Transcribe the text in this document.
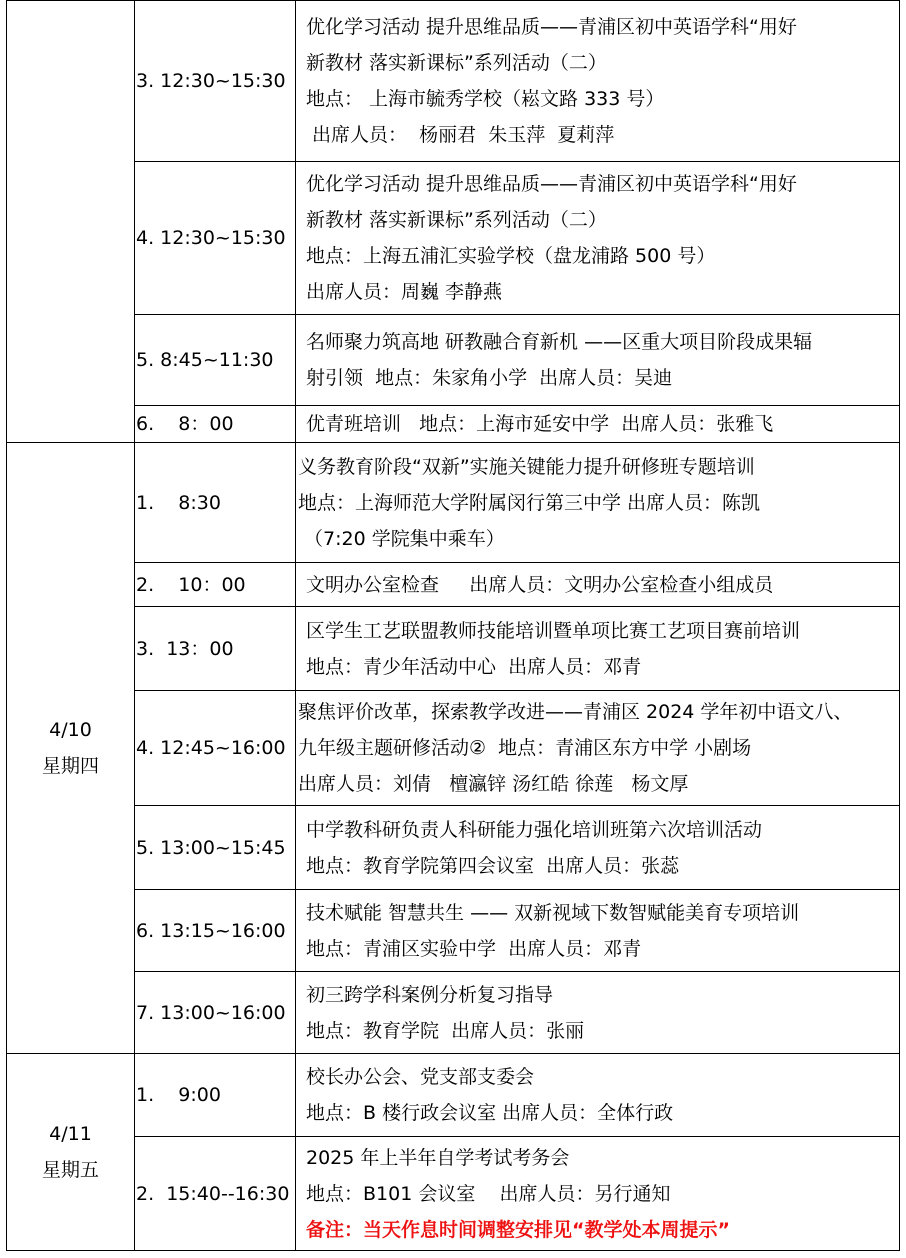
	3. 12:30~15:30	优化学习活动 提升思维品质——青浦区初中英语学科“用好
新教材 落实新课标”系列活动（二）
地点： 上海市毓秀学校（崧文路 333 号）
出席人员：  杨丽君  朱玉萍  夏莉萍

	4. 12:30~15:30	优化学习活动 提升思维品质——青浦区初中英语学科“用好
新教材 落实新课标”系列活动（二）
地点：上海五浦汇实验学校（盘龙浦路 500 号）
出席人员：周巍 李静燕

	5. 8:45~11:30	名师聚力筑高地 研教融合育新机 ——区重大项目阶段成果辐
射引领  地点：朱家角小学  出席人员：吴迪

	6.    8：00	优青班培训   地点：上海市延安中学  出席人员：张雅飞

4/10
星期四	1.    8:30	义务教育阶段“双新”实施关键能力提升研修班专题培训
地点：上海师范大学附属闵行第三中学 出席人员：陈凯
（7:20 学院集中乘车）

	2.    10：00	文明办公室检查     出席人员：文明办公室检查小组成员

	3.  13：00	区学生工艺联盟教师技能培训暨单项比赛工艺项目赛前培训
地点：青少年活动中心  出席人员：邓青

	4. 12:45~16:00	聚焦评价改革，探索教学改进——青浦区 2024 学年初中语文八、
九年级主题研修活动②  地点：青浦区东方中学 小剧场
出席人员：刘倩   檀瀛锌 汤红皓 徐莲   杨文厚

	5. 13:00~15:45	中学教科研负责人科研能力强化培训班第六次培训活动
地点：教育学院第四会议室  出席人员：张蕊

	6. 13:15~16:00	技术赋能 智慧共生 —— 双新视域下数智赋能美育专项培训
地点：青浦区实验中学  出席人员：邓青

	7. 13:00~16:00	初三跨学科案例分析复习指导
地点：教育学院  出席人员：张丽

4/11
星期五	1.    9:00	校长办公会、党支部支委会
地点：B 楼行政会议室 出席人员：全体行政

	2.  15:40--16:30	2025 年上半年自学考试考务会
地点：B101 会议室    出席人员：另行通知
备注：当天作息时间调整安排见“教学处本周提示”
